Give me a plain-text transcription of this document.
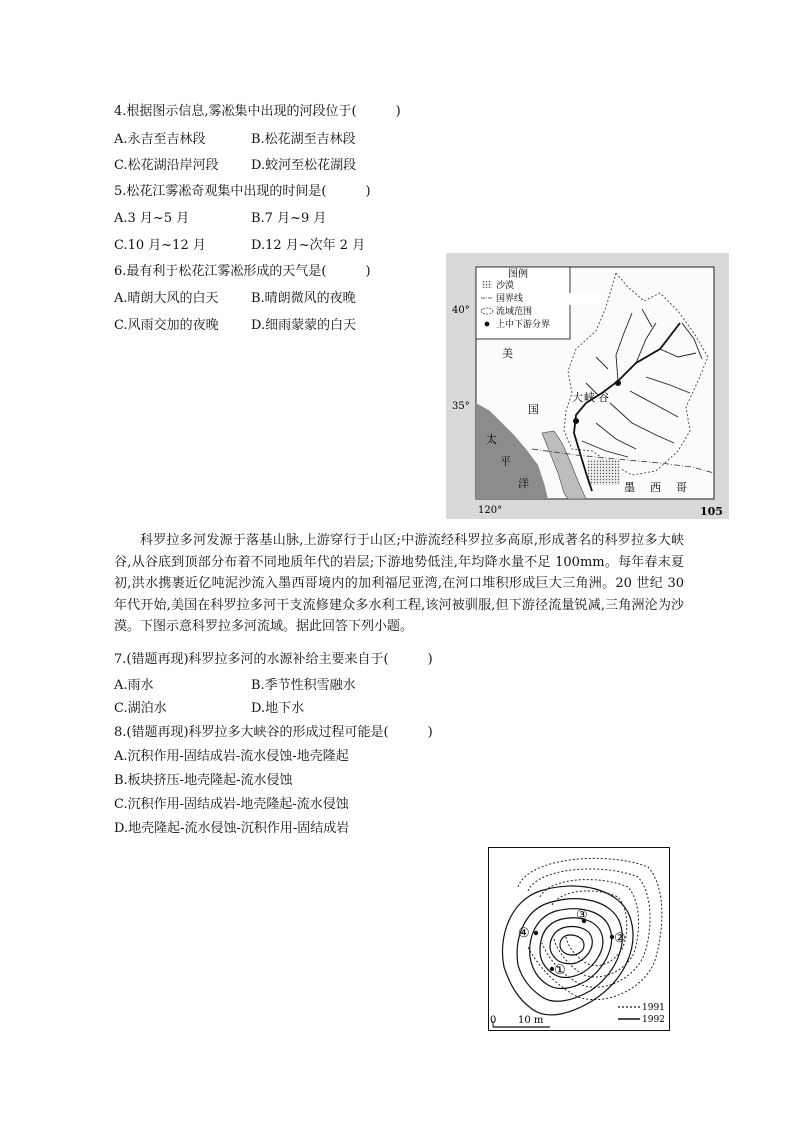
4.根据图示信息,雾凇集中出现的河段位于(　　　)
A.永吉至吉林段	B.松花湖至吉林段
C.松花湖沿岸河段 D.蛟河至松花湖段
5.松花江雾凇奇观集中出现的时间是(　　　)
A.3 月~5 月	B.7 月~9 月
C.10 月~12 月	D.12 月~次年 2 月
6.最有利于松花江雾凇形成的天气是(　　　)
A.晴朗大风的白天 B.晴朗微风的夜晚
C.风雨交加的夜晚 D.细雨蒙蒙的白天
图例
沙漠
国界线
流域范围
上中下游分界
美
国
太
平
洋	墨 西 哥
大 峡 谷
40°
35°
120°	105
科罗拉多河发源于落基山脉,上游穿行于山区;中游流经科罗拉多高原,形成著名的科罗拉多大峡谷,从谷底到顶部分布着不同地质年代的岩层;下游地势低洼,年均降水量不足 100mm。每年春末夏初,洪水携裹近亿吨泥沙流入墨西哥境内的加利福尼亚湾,在河口堆积形成巨大三角洲。20 世纪 30 年代开始,美国在科罗拉多河干支流修建众多水利工程,该河被驯服,但下游径流量锐减,三角洲沦为沙漠。下图示意科罗拉多河流域。据此回答下列小题。
7.(错题再现)科罗拉多河的水源补给主要来自于(　　　)
A.雨水	B.季节性积雪融水
C.湖泊水	D.地下水
8.(错题再现)科罗拉多大峡谷的形成过程可能是(　　　)
A.沉积作用-固结成岩-流水侵蚀-地壳隆起
B.板块挤压-地壳隆起-流水侵蚀
C.沉积作用-固结成岩-地壳隆起-流水侵蚀
D.地壳隆起-流水侵蚀-沉积作用-固结成岩
①
②
③
④
0 10 m
1991
1992
